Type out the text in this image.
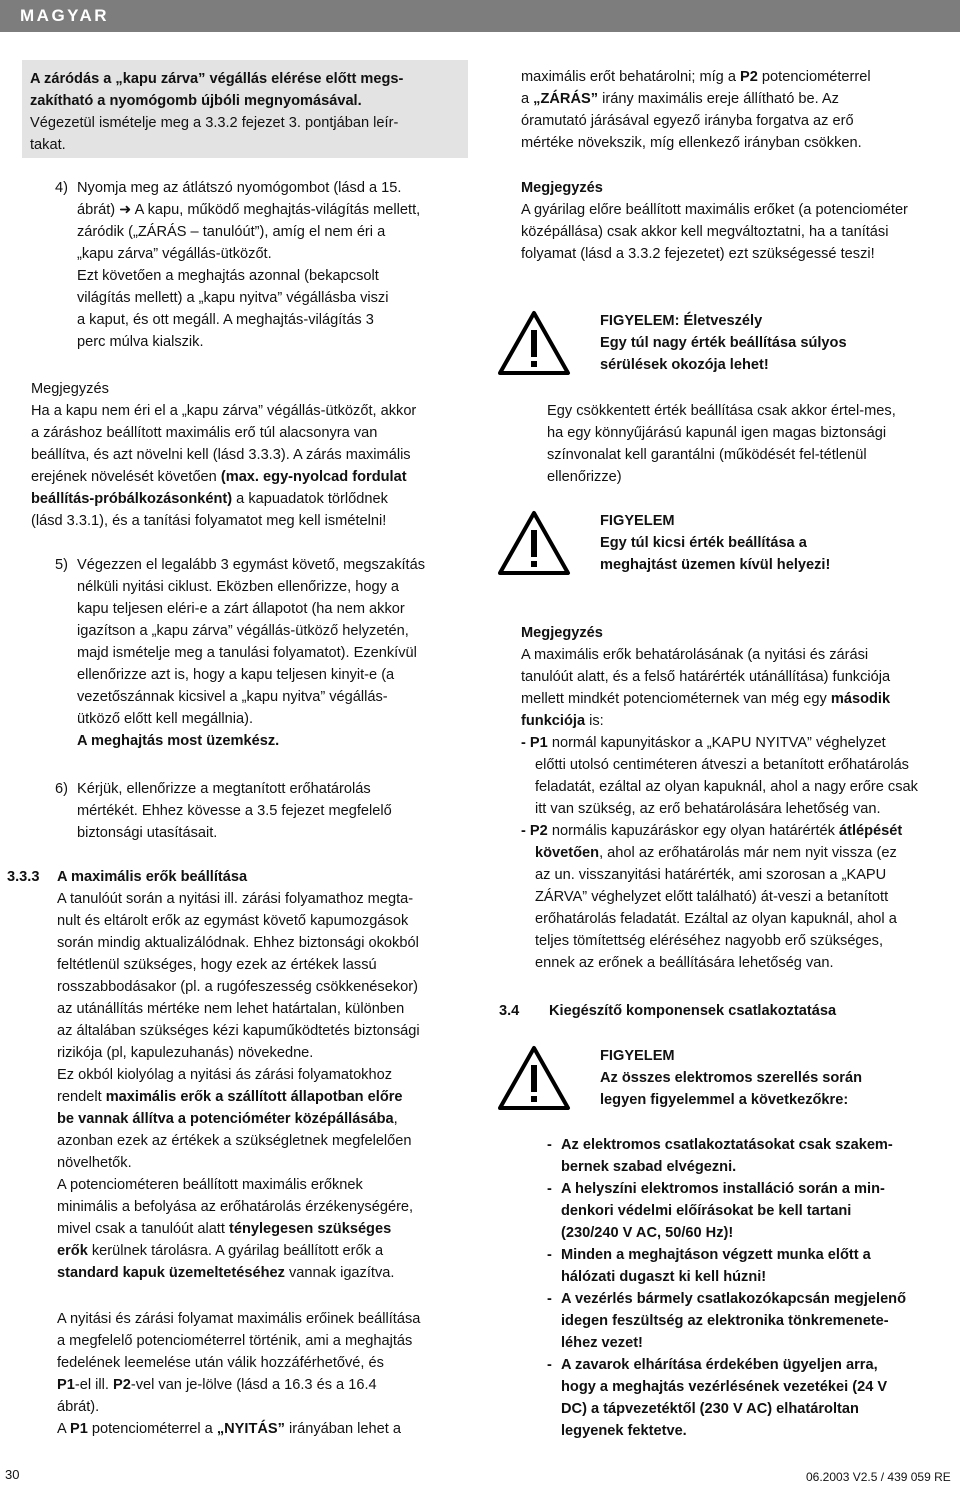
MAGYAR

A záródás a „kapu zárva” végállás elérése előtt megs-
zakítható a nyomógomb újbóli megnyomásával.
Végezetül ismételje meg a 3.3.2 fejezet 3. pontjában leír-
takat.

4) Nyomja meg az átlátszó nyomógombot (lásd a 15.

ábrát) ➜ A kapu, működő meghajtás-világítás mellett,

záródik („ZÁRÁS – tanulóút”), amíg el nem éri a

„kapu zárva” végállás-ütközőt.

Ezt követően a meghajtás azonnal (bekapcsolt

világítás mellett) a „kapu nyitva” végállásba viszi

a kaput, és ott megáll. A meghajtás-világítás 3

perc múlva kialszik.

Megjegyzés

Ha a kapu nem éri el a „kapu zárva” végállás-ütközőt, akkor

a záráshoz beállított maximális erő túl alacsonyra van

beállítva, és azt növelni kell (lásd 3.3.3). A zárás maximális

erejének növelését követően (max. egy-nyolcad fordulat

beállítás-próbálkozásonként) a kapuadatok törlődnek

(lásd 3.3.1), és a tanítási folyamatot meg kell ismételni!

5) Végezzen el legalább 3 egymást követő, megszakítás

nélküli nyitási ciklust. Eközben ellenőrizze, hogy a

kapu teljesen eléri-e a zárt állapotot (ha nem akkor

igazítson a „kapu zárva” végállás-ütköző helyzetén,

majd ismételje meg a tanulási folyamatot). Ezenkívül

ellenőrizze azt is, hogy a kapu teljesen kinyit-e (a

vezetőszánnak kicsivel a „kapu nyitva” végállás-

ütköző előtt kell megállnia).

A meghajtás most üzemkész.

6) Kérjük, ellenőrizze a megtanított erőhatárolás

mértékét. Ehhez kövesse a 3.5 fejezet megfelelő

biztonsági utasításait.

3.3.3 A maximális erők beállítása

A tanulóút során a nyitási ill. zárási folyamathoz megta-

nult és eltárolt erők az egymást követő kapumozgások

során mindig aktualizálódnak. Ehhez biztonsági okokból

feltétlenül szükséges, hogy ezek az értékek lassú

rosszabbodásakor (pl. a rugófeszesség csökkenésekor)

az utánállítás mértéke nem lehet határtalan, különben

az általában szükséges kézi kapuműködtetés biztonsági

rizikója (pl, kapulezuhanás) növekedne.

Ez okból kiolyólag a nyitási ás zárási folyamatokhoz

rendelt maximális erők a szállított állapotban előre

be vannak állítva a potencióméter középállásába,

azonban ezek az értékek a szükségletnek megfelelően

növelhetők.

A potenciométeren beállított maximális erőknek

minimális a befolyása az erőhatárolás érzékenységére,

mivel csak a tanulóút alatt ténylegesen szükséges

erők kerülnek tárolásra. A gyárilag beállított erők a

standard kapuk üzemeltetéséhez vannak igazítva.

A nyitási és zárási folyamat maximális erőinek beállítása

a megfelelő potenciométerrel történik, ami a meghajtás

fedelének leemelése után válik hozzáférhetővé, és

P1-el ill. P2-vel van je-lölve (lásd a 16.3 és a 16.4

ábrát).

A P1 potenciométerrel a „NYITÁS” irányában lehet a

maximális erőt behatárolni; míg a P2 potenciométerrel

a „ZÁRÁS” irány maximális ereje állítható be. Az

óramutató járásával egyező irányba forgatva az erő

mértéke növekszik, míg ellenkező irányban csökken.

Megjegyzés

A gyárilag előre beállított maximális erőket (a potenciométer

középállása) csak akkor kell megváltoztatni, ha a tanítási

folyamat (lásd a 3.3.2 fejezetet) ezt szükségessé teszi!

FIGYELEM: Életveszély

Egy túl nagy érték beállítása súlyos

sérülések okozója lehet!

Egy csökkentett érték beállítása csak akkor értel-mes,

ha egy könnyűjárású kapunál igen magas biztonsági

színvonalat kell garantálni (működését fel-tétlenül

ellenőrizze)

FIGYELEM

Egy túl kicsi érték beállítása a

meghajtást üzemen kívül helyezi!

Megjegyzés

A maximális erők behatárolásának (a nyitási és zárási

tanulóút alatt, és a felső határérték utánállítása) funkciója

mellett mindkét potenciométernek van még egy második

funkciója is:

- P1 normál kapunyitáskor a „KAPU NYITVA” véghelyzet

előtti utolsó centiméteren átveszi a betanított erőhatárolás

feladatát, ezáltal az olyan kapuknál, ahol a nagy erőre csak

itt van szükség, az erő behatárolására lehetőség van.

- P2 normális kapuzáráskor egy olyan határérték átlépését

követően, ahol az erőhatárolás már nem nyit vissza (ez

az un. visszanyitási határérték, ami szorosan a „KAPU

ZÁRVA” véghelyzet előtt található) át-veszi a betanított

erőhatárolás feladatát. Ezáltal az olyan kapuknál, ahol a

teljes tömítettség eléréséhez nagyobb erő szükséges,

ennek az erőnek a beállítására lehetőség van.

3.4 Kiegészítő komponensek csatlakoztatása

FIGYELEM

Az összes elektromos szerellés során

legyen figyelemmel a következőkre:

- Az elektromos csatlakoztatásokat csak szakem-

bernek szabad elvégezni.

- A helyszíni elektromos installáció során a min-

denkori védelmi előírásokat be kell tartani

(230/240 V AC, 50/60 Hz)!

- Minden a meghajtáson végzett munka előtt a

hálózati dugaszt ki kell húzni!

- A vezérlés bármely csatlakozókapcsán megjelenő

idegen feszültség az elektronika tönkremenete-

léhez vezet!

- A zavarok elhárítása érdekében ügyeljen arra,

hogy a meghajtás vezérlésének vezetékei (24 V

DC) a tápvezetéktől (230 V AC) elhatároltan

legyenek fektetve.

30	06.2003 V2.5 / 439 059 RE
